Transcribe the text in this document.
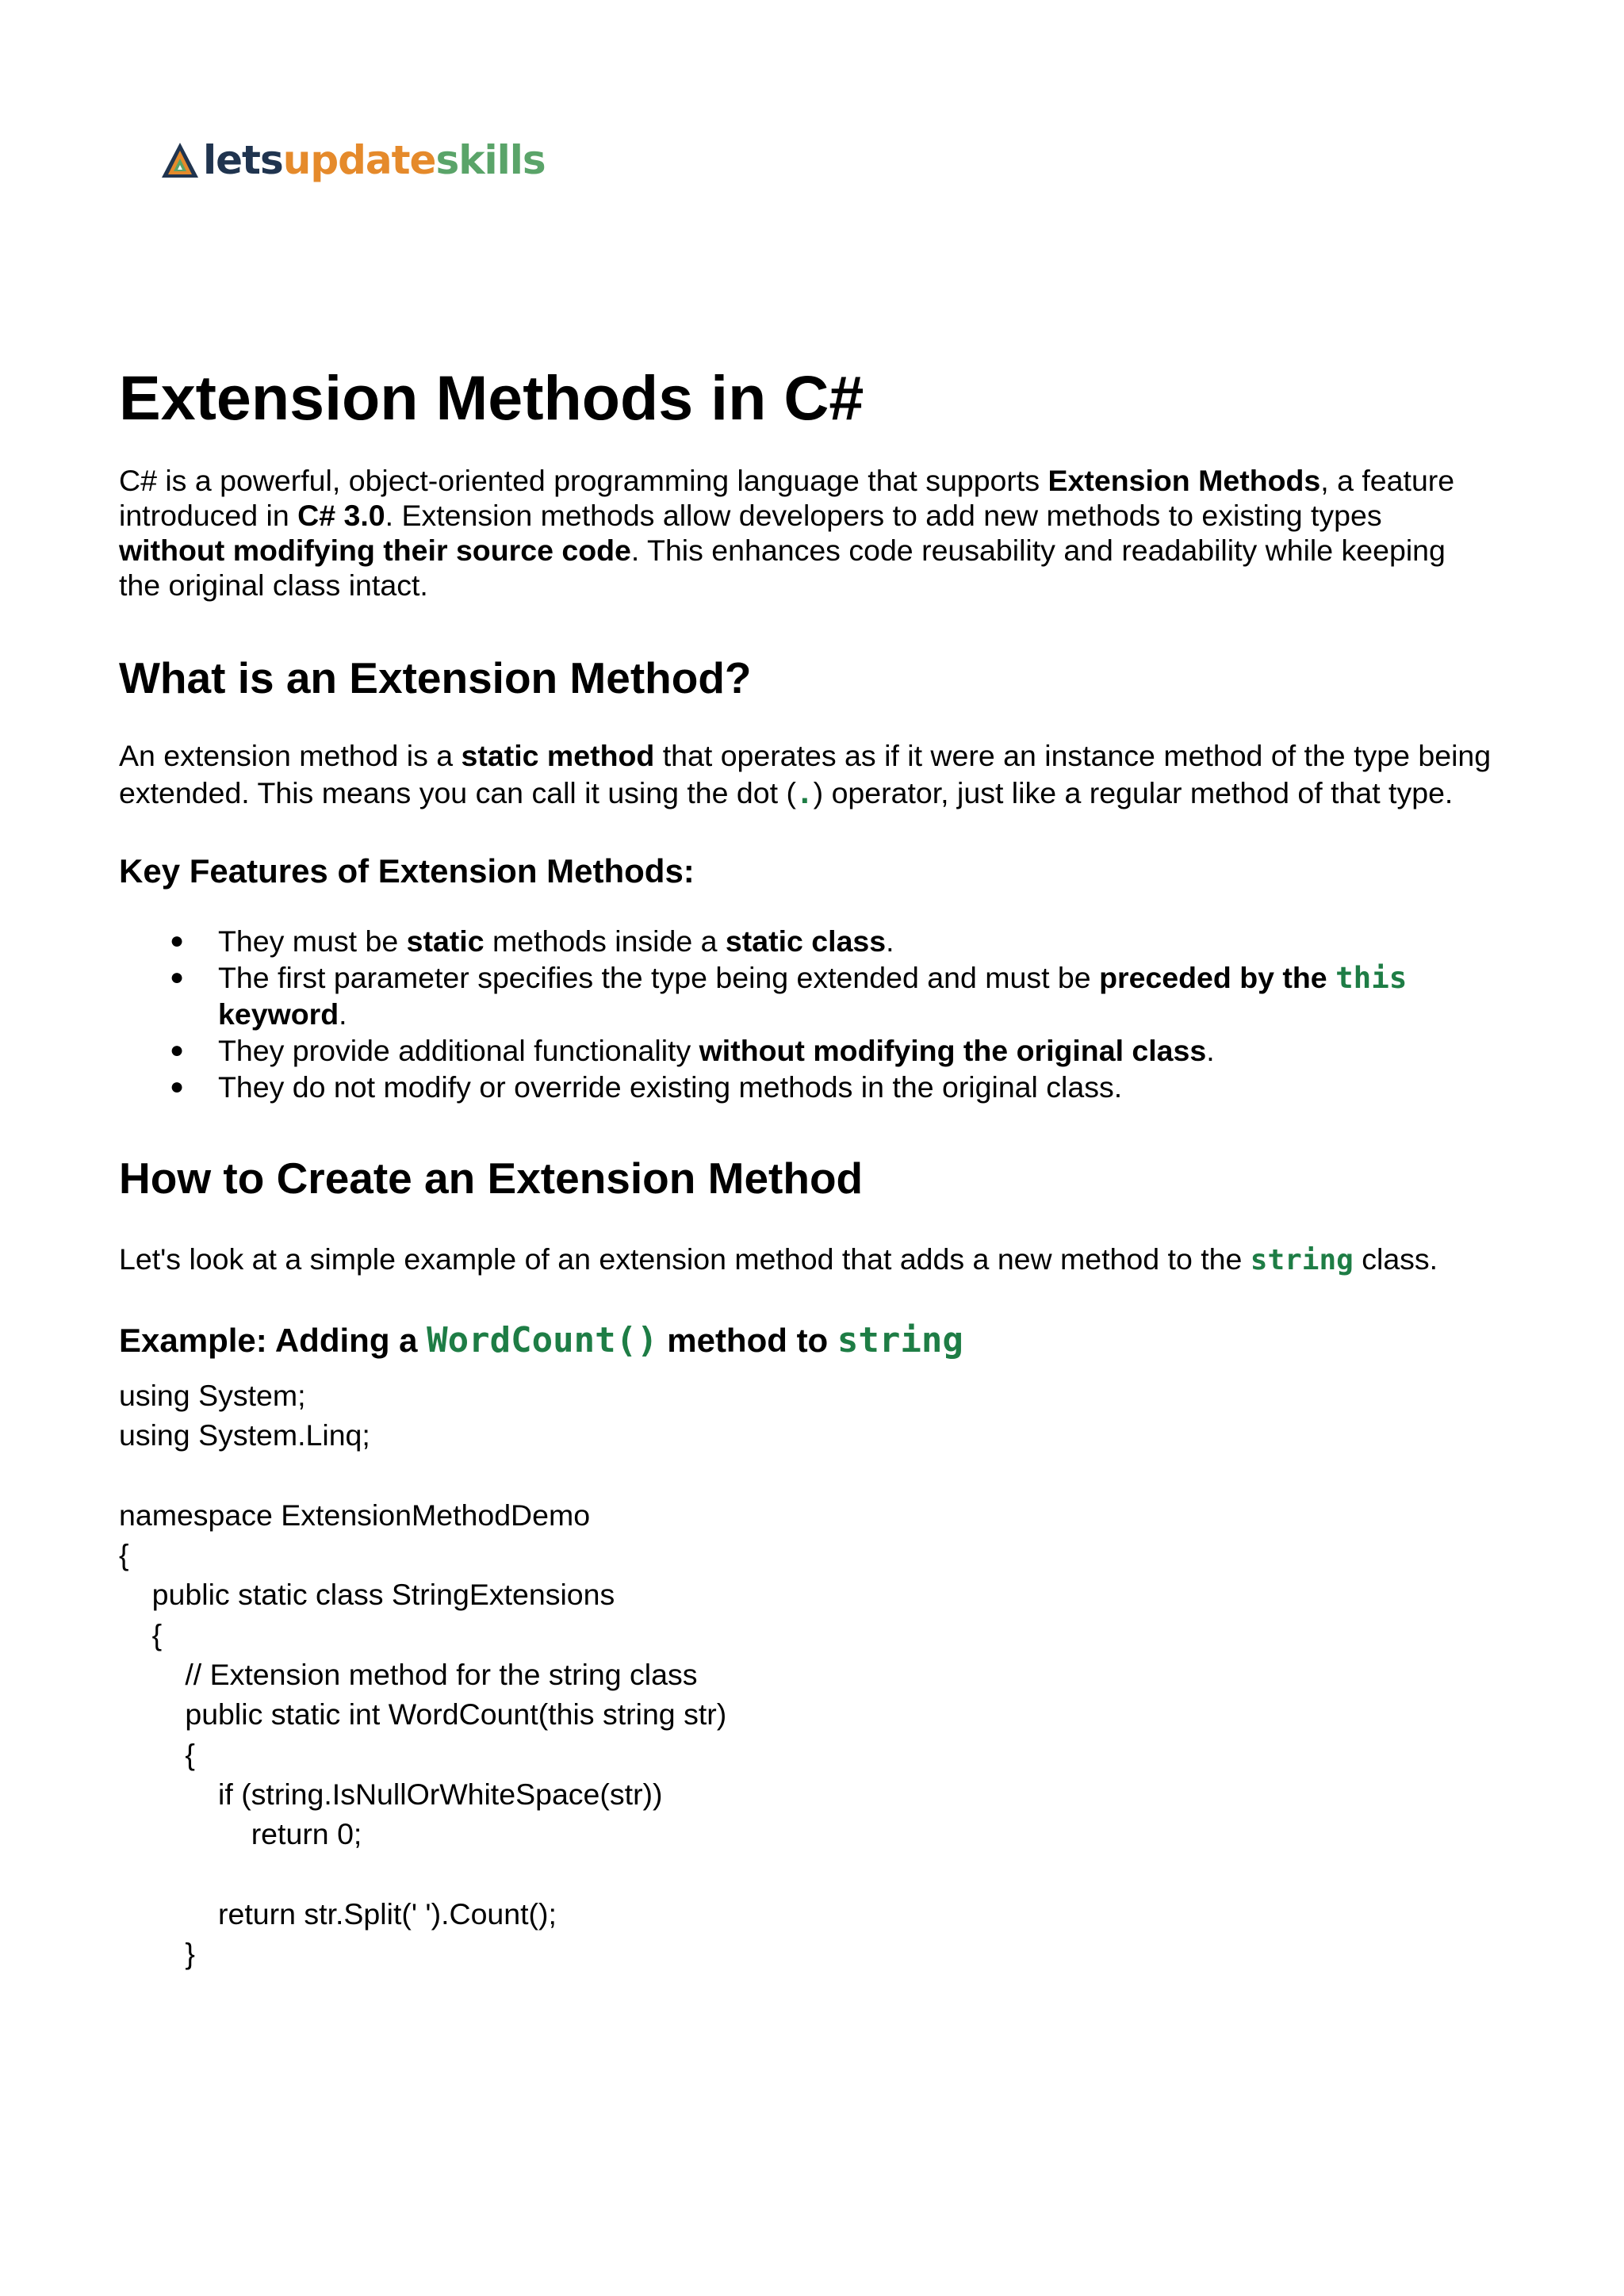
letsupdateskills
Extension Methods in C#
C# is a powerful, object-oriented programming language that supports Extension Methods, a feature
introduced in C# 3.0. Extension methods allow developers to add new methods to existing types
without modifying their source code. This enhances code reusability and readability while keeping
the original class intact.
What is an Extension Method?
An extension method is a static method that operates as if it were an instance method of the type being
extended. This means you can call it using the dot (.) operator, just like a regular method of that type.
Key Features of Extension Methods:
● They must be static methods inside a static class.
● The first parameter specifies the type being extended and must be preceded by the this
keyword.
● They provide additional functionality without modifying the original class.
● They do not modify or override existing methods in the original class.
How to Create an Extension Method
Let's look at a simple example of an extension method that adds a new method to the string class.
Example: Adding a WordCount() method to string
using System;
using System.Linq;
namespace ExtensionMethodDemo
{
public static class StringExtensions
{
// Extension method for the string class
public static int WordCount(this string str)
{
if (string.IsNullOrWhiteSpace(str))
return 0;
return str.Split(' ').Count();
}
